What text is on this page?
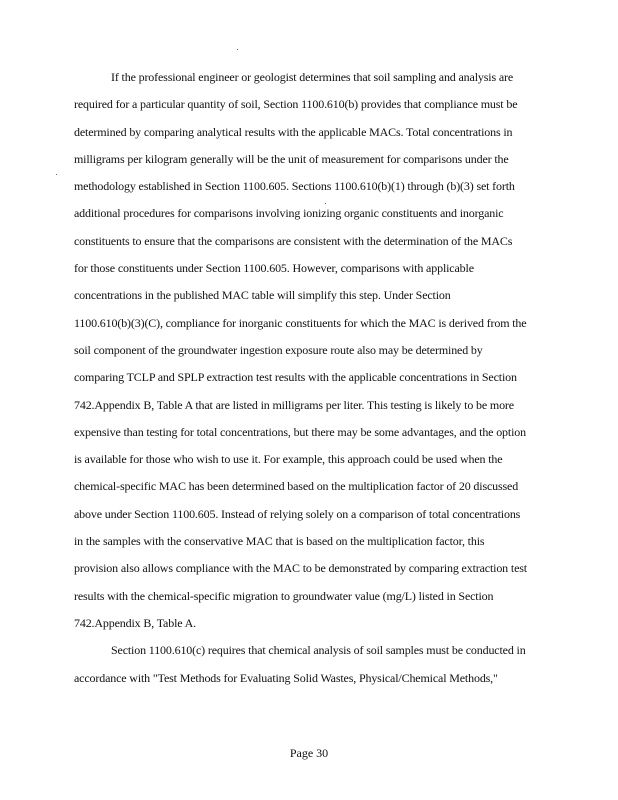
If the professional engineer or geologist determines that soil sampling and analysis are
required for a particular quantity of soil, Section 1100.610(b) provides that compliance must be
determined by comparing analytical results with the applicable MACs. Total concentrations in
milligrams per kilogram generally will be the unit of measurement for comparisons under the
methodology established in Section 1100.605. Sections 1100.610(b)(1) through (b)(3) set forth
additional procedures for comparisons involving ionizing organic constituents and inorganic
constituents to ensure that the comparisons are consistent with the determination of the MACs
for those constituents under Section 1100.605. However, comparisons with applicable
concentrations in the published MAC table will simplify this step. Under Section
1100.610(b)(3)(C), compliance for inorganic constituents for which the MAC is derived from the
soil component of the groundwater ingestion exposure route also may be determined by
comparing TCLP and SPLP extraction test results with the applicable concentrations in Section
742.Appendix B, Table A that are listed in milligrams per liter. This testing is likely to be more
expensive than testing for total concentrations, but there may be some advantages, and the option
is available for those who wish to use it. For example, this approach could be used when the
chemical-specific MAC has been determined based on the multiplication factor of 20 discussed
above under Section 1100.605. Instead of relying solely on a comparison of total concentrations
in the samples with the conservative MAC that is based on the multiplication factor, this
provision also allows compliance with the MAC to be demonstrated by comparing extraction test
results with the chemical-specific migration to groundwater value (mg/L) listed in Section
742.Appendix B, Table A.
Section 1100.610(c) requires that chemical analysis of soil samples must be conducted in
accordance with "Test Methods for Evaluating Solid Wastes, Physical/Chemical Methods,"
Page 30
